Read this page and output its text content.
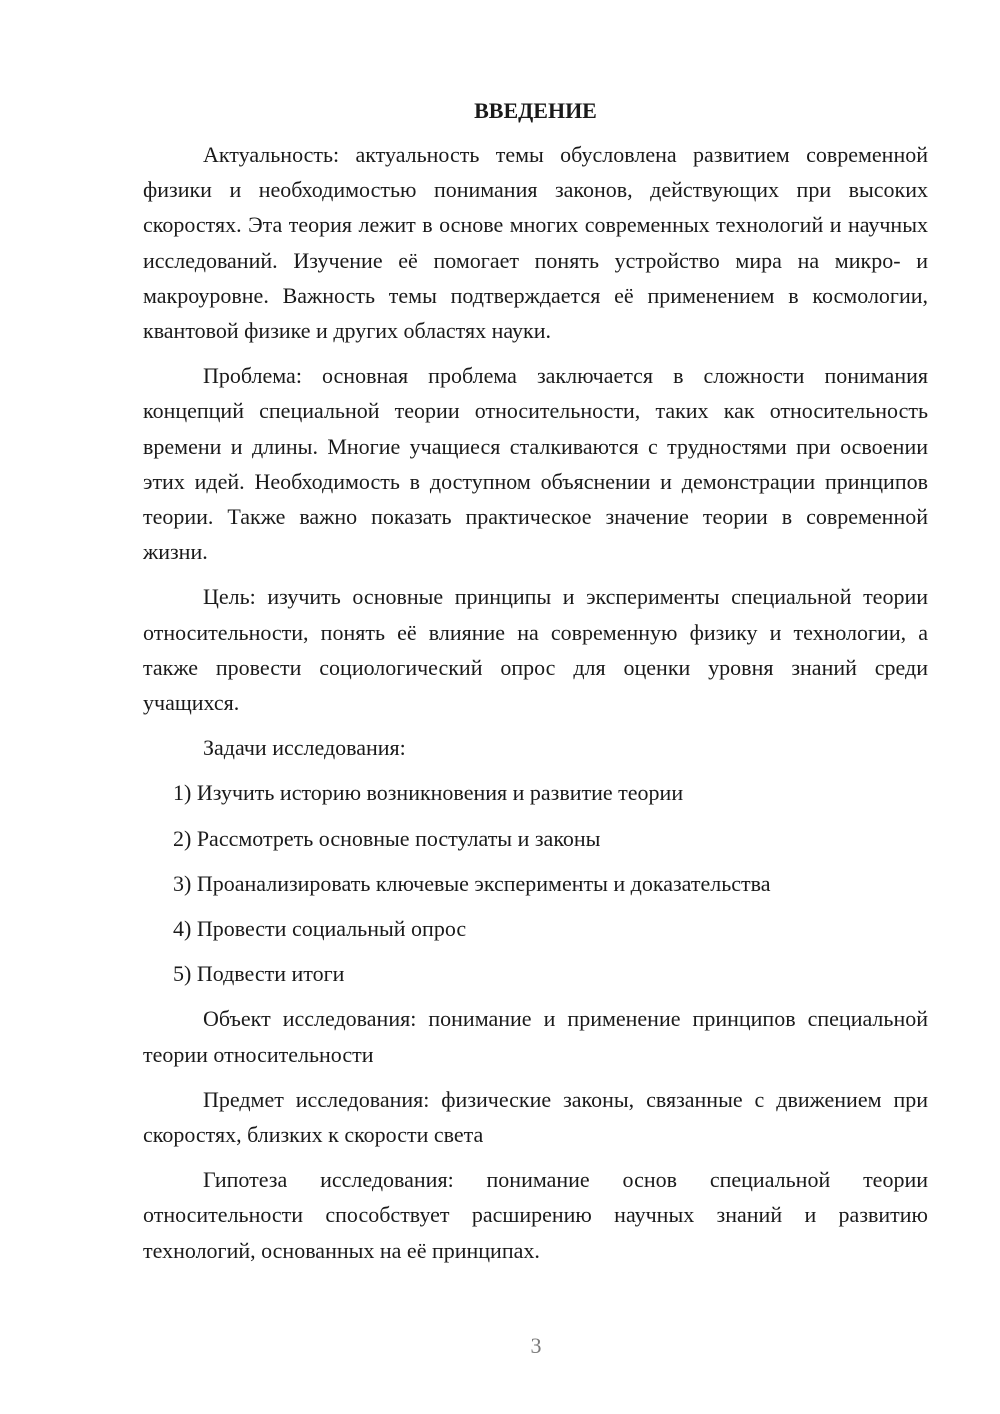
ВВЕДЕНИЕ

Актуальность: актуальность темы обусловлена развитием современной физики и необходимостью понимания законов, действующих при высоких скоростях. Эта теория лежит в основе многих современных технологий и научных исследований. Изучение её помогает понять устройство мира на микро- и макроуровне. Важность темы подтверждается её применением в космологии, квантовой физике и других областях науки.

Проблема: основная проблема заключается в сложности понимания концепций специальной теории относительности, таких как относительность времени и длины. Многие учащиеся сталкиваются с трудностями при освоении этих идей. Необходимость в доступном объяснении и демонстрации принципов теории. Также важно показать практическое значение теории в современной жизни.

Цель: изучить основные принципы и эксперименты специальной теории относительности, понять её влияние на современную физику и технологии, а также провести социологический опрос для оценки уровня знаний среди учащихся.

Задачи исследования:

1) Изучить историю возникновения и развитие теории

2) Рассмотреть основные постулаты и законы

3) Проанализировать ключевые эксперименты и доказательства

4) Провести социальный опрос

5) Подвести итоги

Объект исследования: понимание и применение принципов специальной теории относительности

Предмет исследования: физические законы, связанные с движением при скоростях, близких к скорости света

Гипотеза исследования: понимание основ специальной теории относительности способствует расширению научных знаний и развитию технологий, основанных на её принципах.

3
